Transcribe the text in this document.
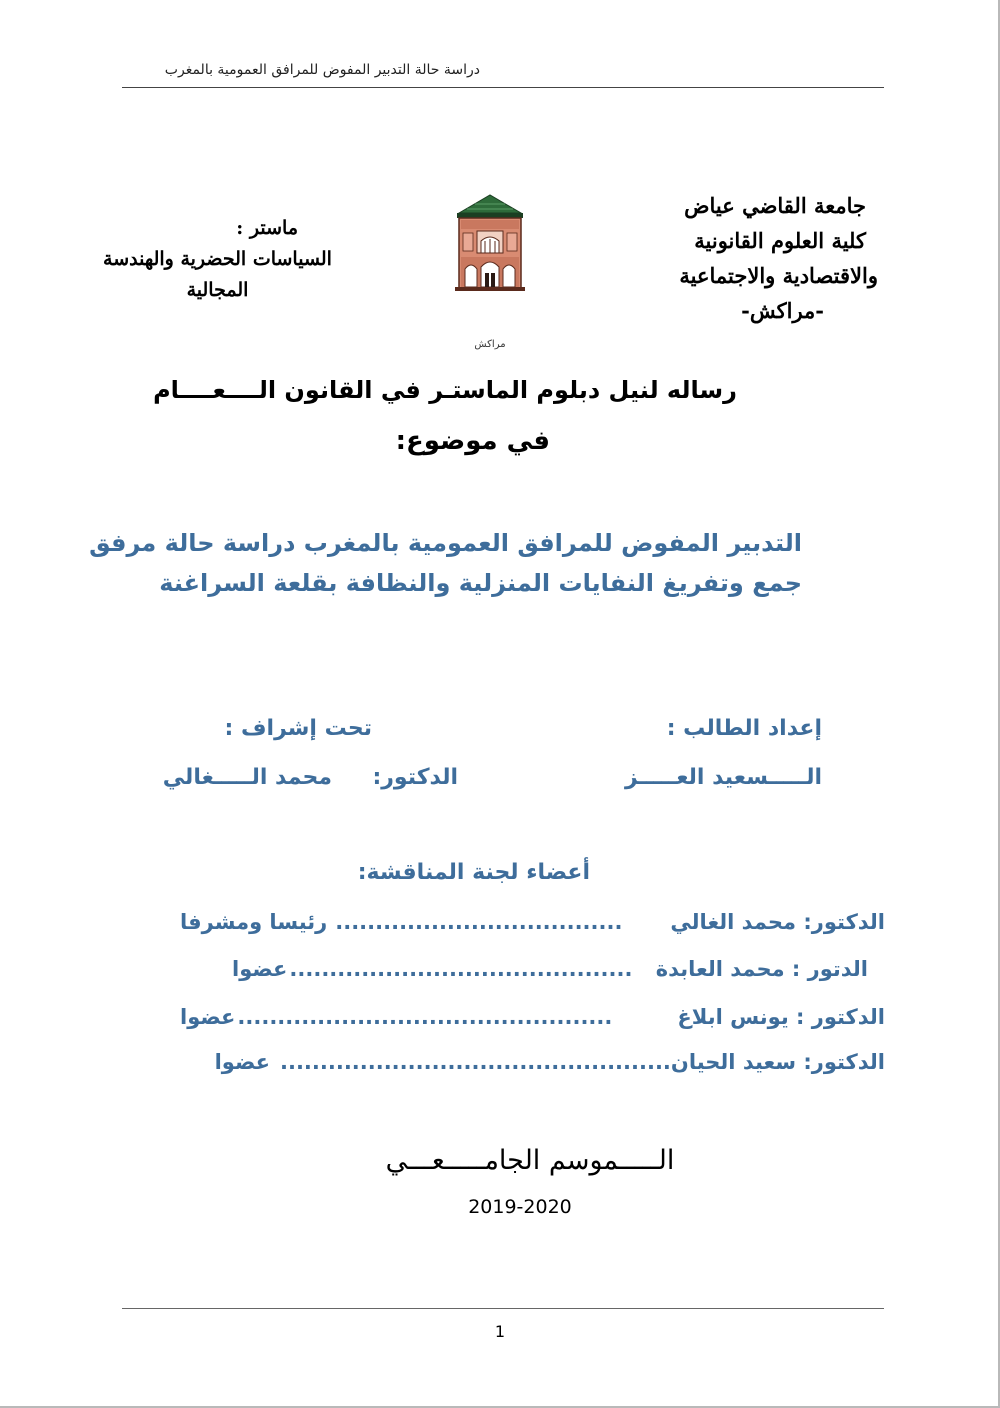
دراسة حالة التدبير المفوض للمرافق العمومية بالمغرب
جامعة القاضي عياض
كلية العلوم القانونية
والاقتصادية والاجتماعية
-مراكش-
ماستر :
السياسات الحضرية والهندسة
المجالية
مراكش
رساله لنيل دبلوم الماستـر في القانون الــــعــــام
في موضوع:
التدبير المفوض للمرافق العمومية بالمغرب دراسة حالة مرفق
جمع وتفريغ النفايات المنزلية والنظافة بقلعة السراغنة
إعداد الطالب :
الـــــسعيد العـــــز
تحت إشراف :
الدكتور:
محمد الـــــغالي
أعضاء لجنة المناقشة:
الدكتور: محمد الغالي
....................................
رئيسا ومشرفا
الدتور : محمد العابدة
...........................................
عضوا
الدكتور : يونس ابلاغ
...............................................
عضوا
الدكتور: سعيد الحيان
.................................................
عضوا
الـــــموسم الجامـــــعـــي
2019-2020
1
